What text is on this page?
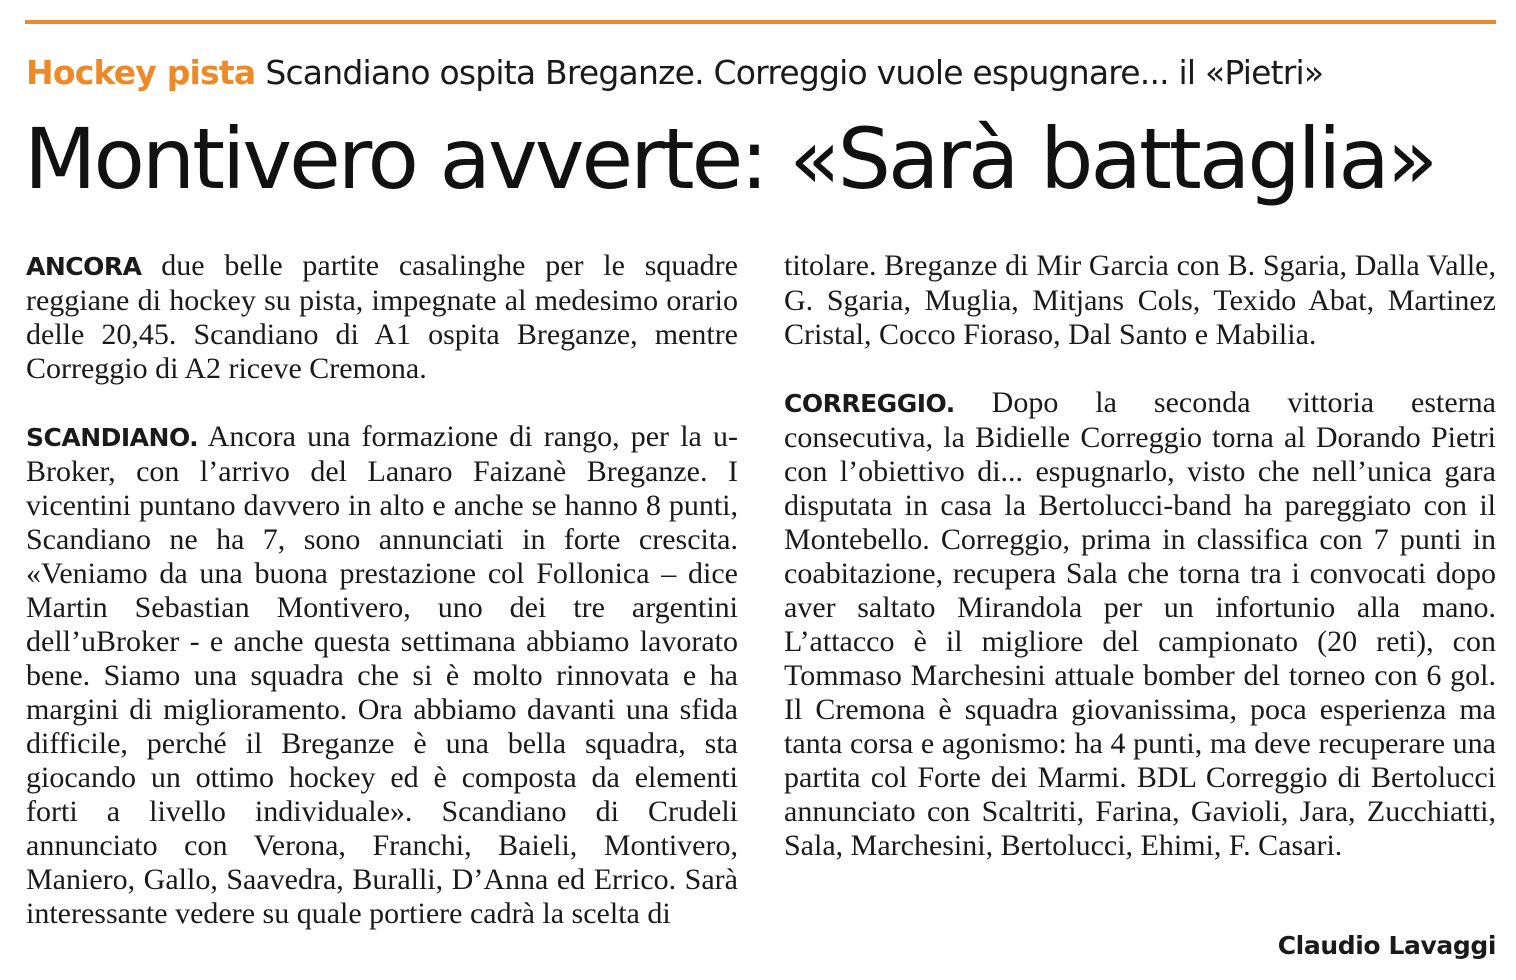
Hockey pista Scandiano ospita Breganze. Correggio vuole espugnare... il «Pietri»
Montivero avverte: «Sarà battaglia»

ANCORA due belle partite casalinghe per le squadre reggiane di hockey su pista, impegnate al medesimo orario delle 20,45. Scandiano di A1 ospita Breganze, mentre Correggio di A2 riceve Cremona.

SCANDIANO. Ancora una formazione di rango, per la u-Broker, con l’arrivo del Lanaro Faizanè Breganze. I vicentini puntano davvero in alto e anche se hanno 8 punti, Scandiano ne ha 7, sono annunciati in forte crescita. «Veniamo da una buona prestazione col Follonica – dice Martin Sebastian Montivero, uno dei tre argentini dell’uBroker - e anche questa settimana abbiamo lavorato bene. Siamo una squadra che si è molto rinnovata e ha margini di miglioramento. Ora abbiamo davanti una sfida difficile, perché il Breganze è una bella squadra, sta giocando un ottimo hockey ed è composta da elementi forti a livello individuale». Scandiano di Crudeli annunciato con Verona, Franchi, Baieli, Montivero, Maniero, Gallo, Saavedra, Buralli, D’Anna ed Errico. Sarà interessante vedere su quale portiere cadrà la scelta di

titolare. Breganze di Mir Garcia con B. Sgaria, Dalla Valle, G. Sgaria, Muglia, Mitjans Cols, Texido Abat, Martinez Cristal, Cocco Fioraso, Dal Santo e Mabilia.

CORREGGIO. Dopo la seconda vittoria esterna consecutiva, la Bidielle Correggio torna al Dorando Pietri con l’obiettivo di... espugnarlo, visto che nell’unica gara disputata in casa la Bertolucci-band ha pareggiato con il Montebello. Correggio, prima in classifica con 7 punti in coabitazione, recupera Sala che torna tra i convocati dopo aver saltato Mirandola per un infortunio alla mano. L’attacco è il migliore del campionato (20 reti), con Tommaso Marchesini attuale bomber del torneo con 6 gol. Il Cremona è squadra giovanissima, poca esperienza ma tanta corsa e agonismo: ha 4 punti, ma deve recuperare una partita col Forte dei Marmi. BDL Correggio di Bertolucci annunciato con Scaltriti, Farina, Gavioli, Jara, Zucchiatti, Sala, Marchesini, Bertolucci, Ehimi, F. Casari.

Claudio Lavaggi
